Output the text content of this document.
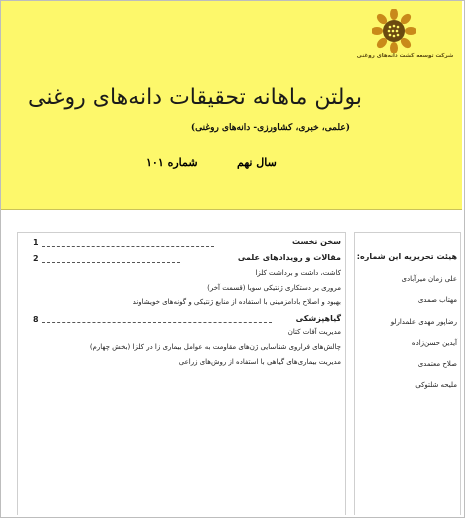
شرکت توسعه کشت دانه‌های روغنی
بولتن ماهانه تحقیقات دانه‌های روغنی
(علمی، خبری، کشاورزی- دانه‌های روغنی)
سال نهم
شماره ۱۰۱
سخن نخست
1
مقالات و رویدادهای علمی
2
کاشت، داشت و برداشت کلزا
مروری بر دستکاری ژنتیکی سویا (قسمت آخر)
بهبود و اصلاح بادامزمینی با استفاده از منابع ژنتیکی و گونه‌های خویشاوند
گیاهپزشکی
8
مدیریت آفات کتان
چالش‌های فراروی شناسایی ژن‌های مقاومت به عوامل بیماری زا در کلزا (بخش چهارم)
مدیریت بیماری‌های گیاهی با استفاده از روش‌های زراعی
هیئت تحریریه این شماره:
علی زمان میرآبادی
مهتاب صمدی
رضاپور مهدی علمدارلو
آیدین حسن‌زاده
صلاح معتمدی
ملیحه شلتوکی
